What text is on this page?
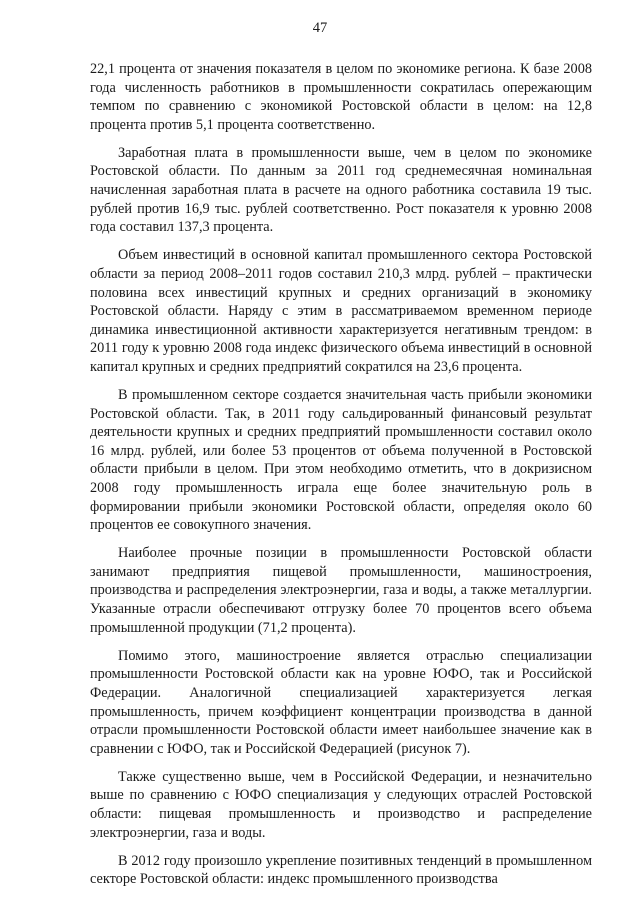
47

22,1 процента от значения показателя в целом по экономике региона. К базе 2008 года численность работников в промышленности сократилась опережающим темпом по сравнению с экономикой Ростовской области в целом: на 12,8 процента против 5,1 процента соответственно.

Заработная плата в промышленности выше, чем в целом по экономике Ростовской области. По данным за 2011 год среднемесячная номинальная начисленная заработная плата в расчете на одного работника составила 19 тыс. рублей против 16,9 тыс. рублей соответственно. Рост показателя к уровню 2008 года составил 137,3 процента.

Объем инвестиций в основной капитал промышленного сектора Ростовской области за период 2008–2011 годов составил 210,3 млрд. рублей – практически половина всех инвестиций крупных и средних организаций в экономику Ростовской области. Наряду с этим в рассматриваемом временном периоде динамика инвестиционной активности характеризуется негативным трендом: в 2011 году к уровню 2008 года индекс физического объема инвестиций в основной капитал крупных и средних предприятий сократился на 23,6 процента.

В промышленном секторе создается значительная часть прибыли экономики Ростовской области. Так, в 2011 году сальдированный финансовый результат деятельности крупных и средних предприятий промышленности составил около 16 млрд. рублей, или более 53 процентов от объема полученной в Ростовской области прибыли в целом. При этом необходимо отметить, что в докризисном 2008 году промышленность играла еще более значительную роль в формировании прибыли экономики Ростовской области, определяя около 60 процентов ее совокупного значения.

Наиболее прочные позиции в промышленности Ростовской области занимают предприятия пищевой промышленности, машиностроения, производства и распределения электроэнергии, газа и воды, а также металлургии. Указанные отрасли обеспечивают отгрузку более 70 процентов всего объема промышленной продукции (71,2 процента).

Помимо этого, машиностроение является отраслью специализации промышленности Ростовской области как на уровне ЮФО, так и Российской Федерации. Аналогичной специализацией характеризуется легкая промышленность, причем коэффициент концентрации производства в данной отрасли промышленности Ростовской области имеет наибольшее значение как в сравнении с ЮФО, так и Российской Федерацией (рисунок 7).

Также существенно выше, чем в Российской Федерации, и незначительно выше по сравнению с ЮФО специализация у следующих отраслей Ростовской области: пищевая промышленность и производство и распределение электроэнергии, газа и воды.

В 2012 году произошло укрепление позитивных тенденций в промышленном секторе Ростовской области: индекс промышленного производства
